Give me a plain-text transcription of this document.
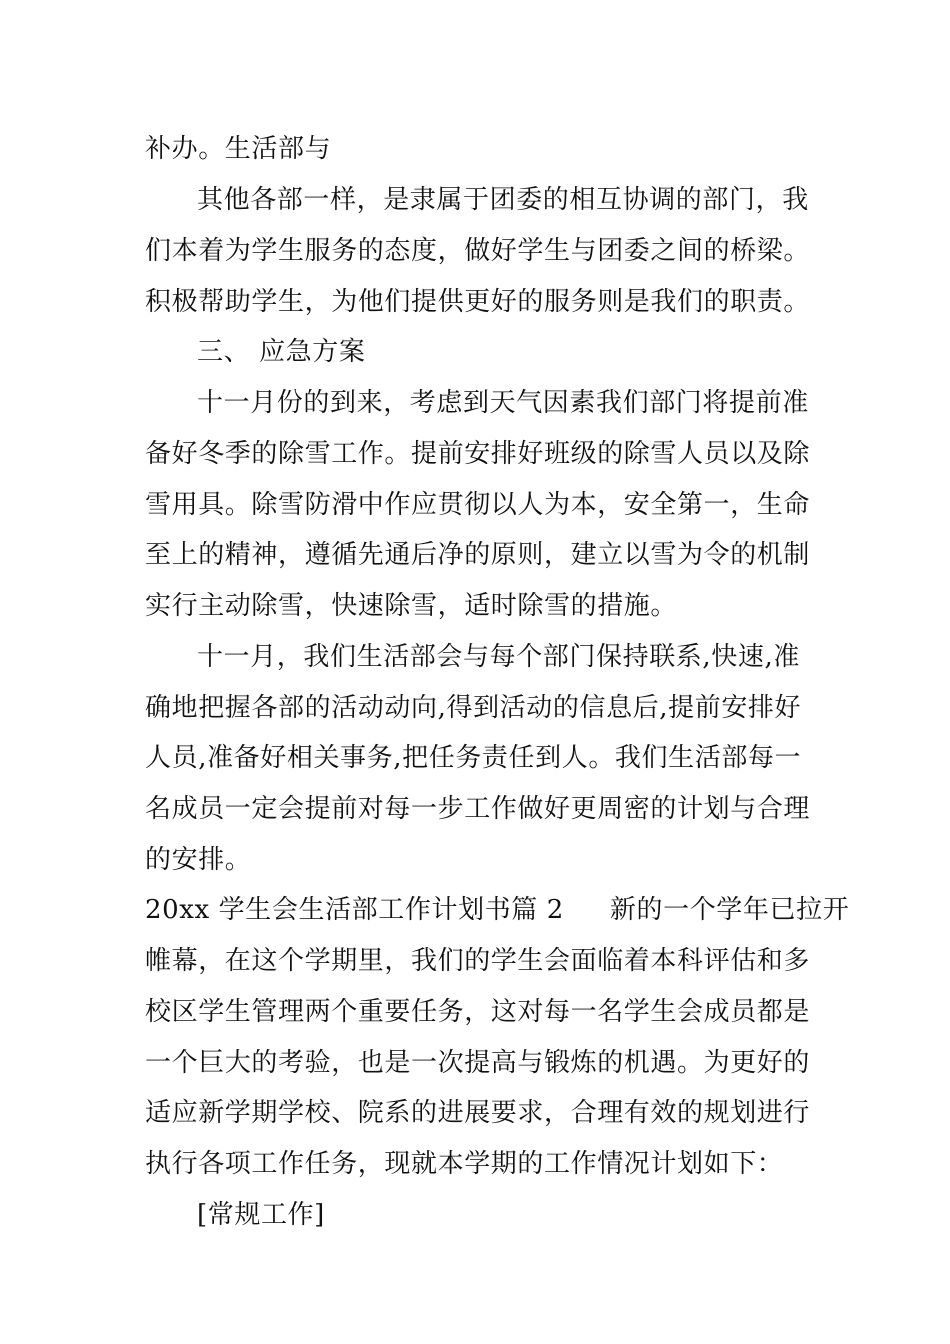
补办。生活部与
其他各部一样，是隶属于团委的相互协调的部门，我
们本着为学生服务的态度，做好学生与团委之间的桥梁。
积极帮助学生，为他们提供更好的服务则是我们的职责。
三、 应急方案
十一月份的到来，考虑到天气因素我们部门将提前准
备好冬季的除雪工作。提前安排好班级的除雪人员以及除
雪用具。除雪防滑中作应贯彻以人为本，安全第一，生命
至上的精神，遵循先通后净的原则，建立以雪为令的机制
实行主动除雪，快速除雪，适时除雪的措施。
十一月，我们生活部会与每个部门保持联系,快速,准
确地把握各部的活动动向,得到活动的信息后,提前安排好
人员,准备好相关事务,把任务责任到人。我们生活部每一
名成员一定会提前对每一步工作做好更周密的计划与合理
的安排。
20xx 学生会生活部工作计划书篇 2 新的一个学年已拉开
帷幕，在这个学期里，我们的学生会面临着本科评估和多
校区学生管理两个重要任务，这对每一名学生会成员都是
一个巨大的考验，也是一次提高与锻炼的机遇。为更好的
适应新学期学校、院系的进展要求，合理有效的规划进行
执行各项工作任务，现就本学期的工作情况计划如下：
[常规工作]
